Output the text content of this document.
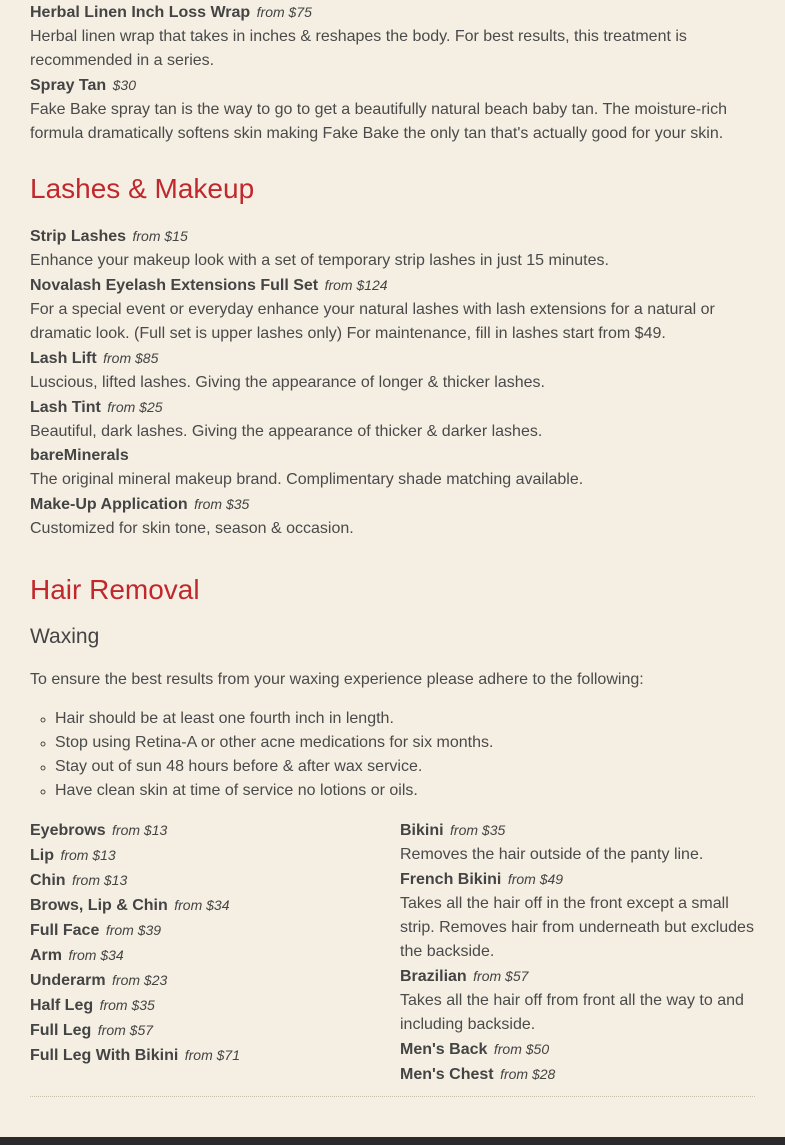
Herbal Linen Inch Loss Wrap from $75

Herbal linen wrap that takes in inches & reshapes the body. For best results, this treatment is recommended in a series.

Spray Tan $30

Fake Bake spray tan is the way to go to get a beautifully natural beach baby tan. The moisture-rich formula dramatically softens skin making Fake Bake the only tan that's actually good for your skin.

Lashes & Makeup

Strip Lashes from $15

Enhance your makeup look with a set of temporary strip lashes in just 15 minutes.

Novalash Eyelash Extensions Full Set from $124

For a special event or everyday enhance your natural lashes with lash extensions for a natural or dramatic look. (Full set is upper lashes only) For maintenance, fill in lashes start from $49.

Lash Lift from $85

Luscious, lifted lashes. Giving the appearance of longer & thicker lashes.

Lash Tint from $25

Beautiful, dark lashes. Giving the appearance of thicker & darker lashes.

bareMinerals

The original mineral makeup brand. Complimentary shade matching available.

Make-Up Application from $35

Customized for skin tone, season & occasion.

Hair Removal
Waxing

To ensure the best results from your waxing experience please adhere to the following:

◦ Hair should be at least one fourth inch in length.
◦ Stop using Retina-A or other acne medications for six months.
◦ Stay out of sun 48 hours before & after wax service.
◦ Have clean skin at time of service no lotions or oils.

Eyebrows from $13

Lip from $13

Chin from $13

Brows, Lip & Chin from $34

Full Face from $39

Arm from $34

Underarm from $23

Half Leg from $35

Full Leg from $57

Full Leg With Bikini from $71

Bikini from $35

Removes the hair outside of the panty line.

French Bikini from $49

Takes all the hair off in the front except a small strip. Removes hair from underneath but excludes the backside.

Brazilian from $57

Takes all the hair off from front all the way to and including backside.

Men's Back from $50

Men's Chest from $28
